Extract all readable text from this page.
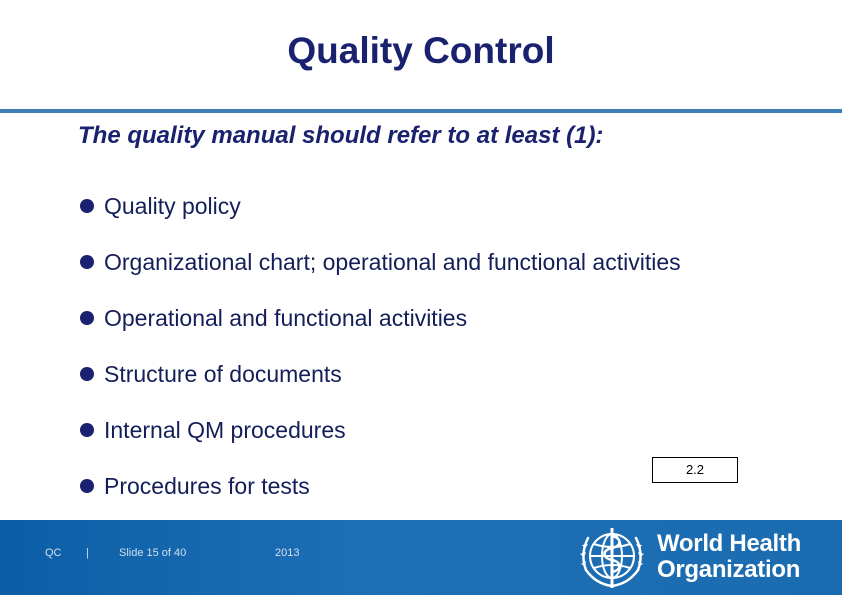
Quality Control
The quality manual should refer to at least (1):
Quality policy
Organizational chart; operational and functional activities
Operational and functional activities
Structure of documents
Internal QM procedures
Procedures for tests
2.2
QC |	Slide 15 of 40	2013	World Health
Organization
